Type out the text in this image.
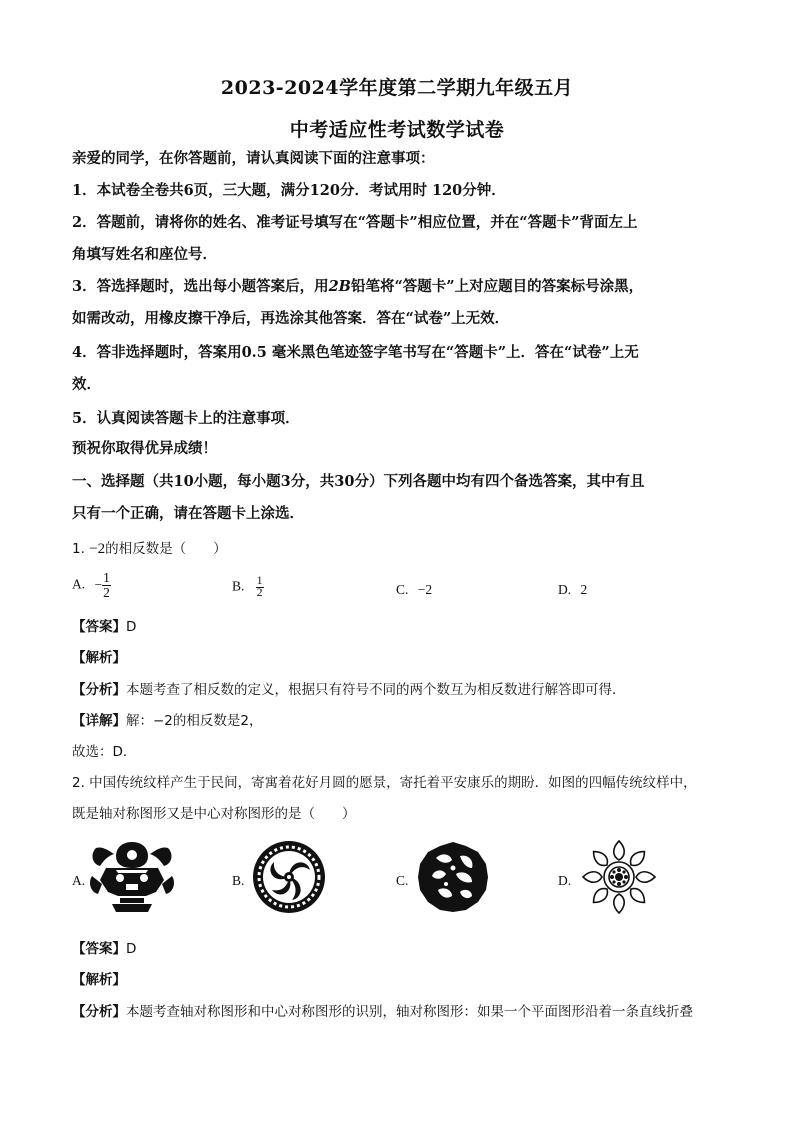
2023-2024学年度第二学期九年级五月
中考适应性考试数学试卷
亲爱的同学，在你答题前，请认真阅读下面的注意事项：
1．本试卷全卷共6页，三大题，满分120分．考试用时 120分钟．
2．答题前，请将你的姓名、准考证号填写在“答题卡”相应位置，并在“答题卡”背面左上
角填写姓名和座位号．
3．答选择题时，选出每小题答案后，用2B铅笔将“答题卡”上对应题目的答案标号涂黑，
如需改动，用橡皮擦干净后，再选涂其他答案．答在“试卷”上无效．
4．答非选择题时，答案用0.5 毫米黑色笔迹签字笔书写在“答题卡”上．答在“试卷”上无
效．
5．认真阅读答题卡上的注意事项．
预祝你取得优异成绩！
一、选择题（共10小题，每小题3分，共30分）下列各题中均有四个备选答案，其中有且
只有一个正确，请在答题卡上涂选．
1. −2的相反数是（　　）
A. − $\frac{1}{2}$	B. $\frac{1}{2}$	C. −2	D. 2
【答案】D
【解析】
【分析】本题考查了相反数的定义，根据只有符号不同的两个数互为相反数进行解答即可得．
【详解】解：−2的相反数是2，
故选：D．
2. 中国传统纹样产生于民间，寄寓着花好月圆的愿景，寄托着平安康乐的期盼．如图的四幅传统纹样中，
既是轴对称图形又是中心对称图形的是（　　）
A.	B.	C.	D.
【答案】D
【解析】
【分析】本题考查轴对称图形和中心对称图形的识别，轴对称图形：如果一个平面图形沿着一条直线折叠
